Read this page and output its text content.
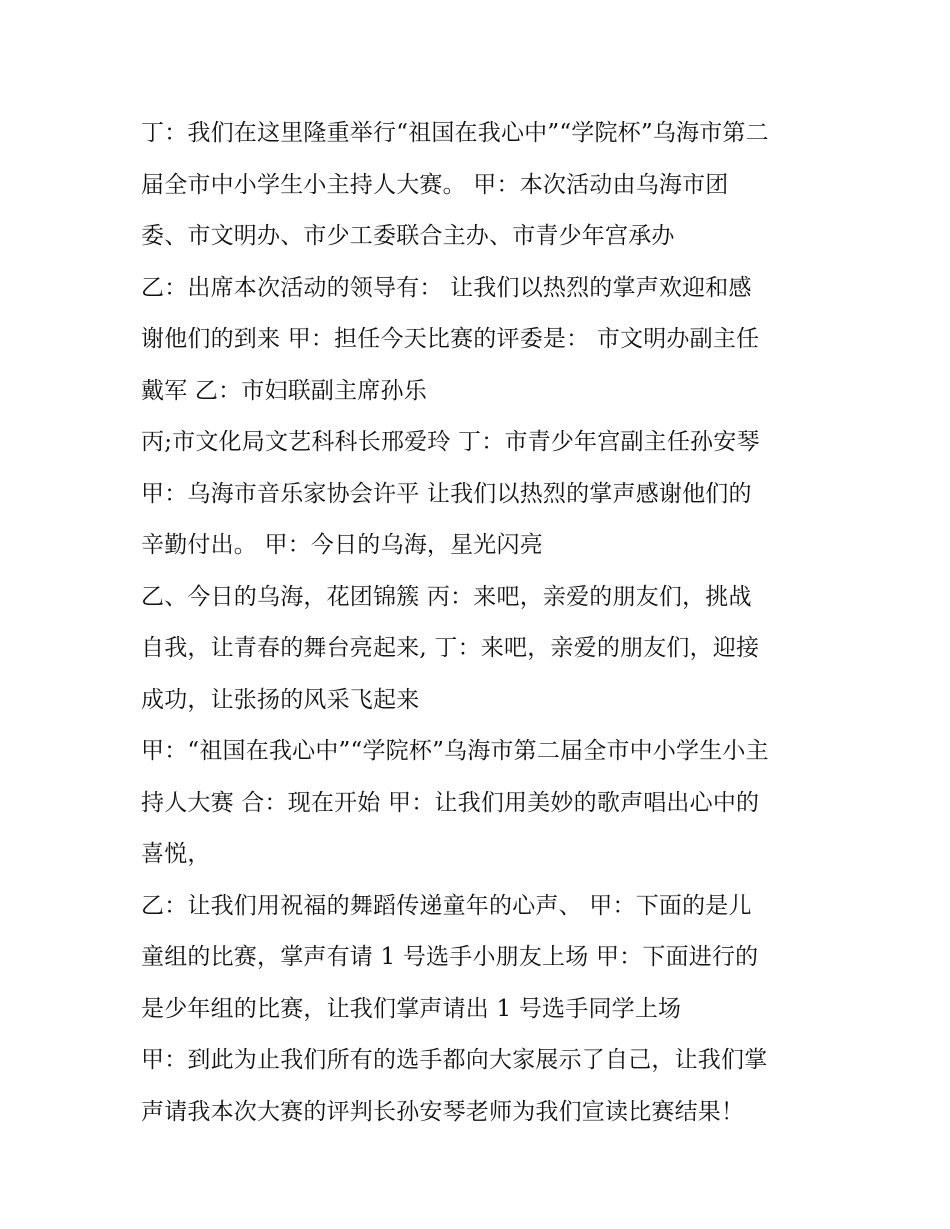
丁：我们在这里隆重举行“祖国在我心中”“学院杯”乌海市第二
届全市中小学生小主持人大赛。 甲：本次活动由乌海市团
委、市文明办、市少工委联合主办、市青少年宫承办
乙：出席本次活动的领导有： 让我们以热烈的掌声欢迎和感
谢他们的到来 甲：担任今天比赛的评委是： 市文明办副主任
戴军 乙：市妇联副主席孙乐
丙;市文化局文艺科科长邢爱玲 丁：市青少年宫副主任孙安琴
甲：乌海市音乐家协会许平 让我们以热烈的掌声感谢他们的
辛勤付出。 甲：今日的乌海，星光闪亮
乙、今日的乌海，花团锦簇 丙：来吧，亲爱的朋友们，挑战
自我，让青春的舞台亮起来, 丁：来吧，亲爱的朋友们，迎接
成功，让张扬的风采飞起来
甲：“祖国在我心中”“学院杯”乌海市第二届全市中小学生小主
持人大赛 合：现在开始 甲：让我们用美妙的歌声唱出心中的
喜悦，
乙：让我们用祝福的舞蹈传递童年的心声、 甲：下面的是儿
童组的比赛，掌声有请 1 号选手小朋友上场 甲：下面进行的
是少年组的比赛，让我们掌声请出 1 号选手同学上场
甲：到此为止我们所有的选手都向大家展示了自己，让我们掌
声请我本次大赛的评判长孙安琴老师为我们宣读比赛结果！
